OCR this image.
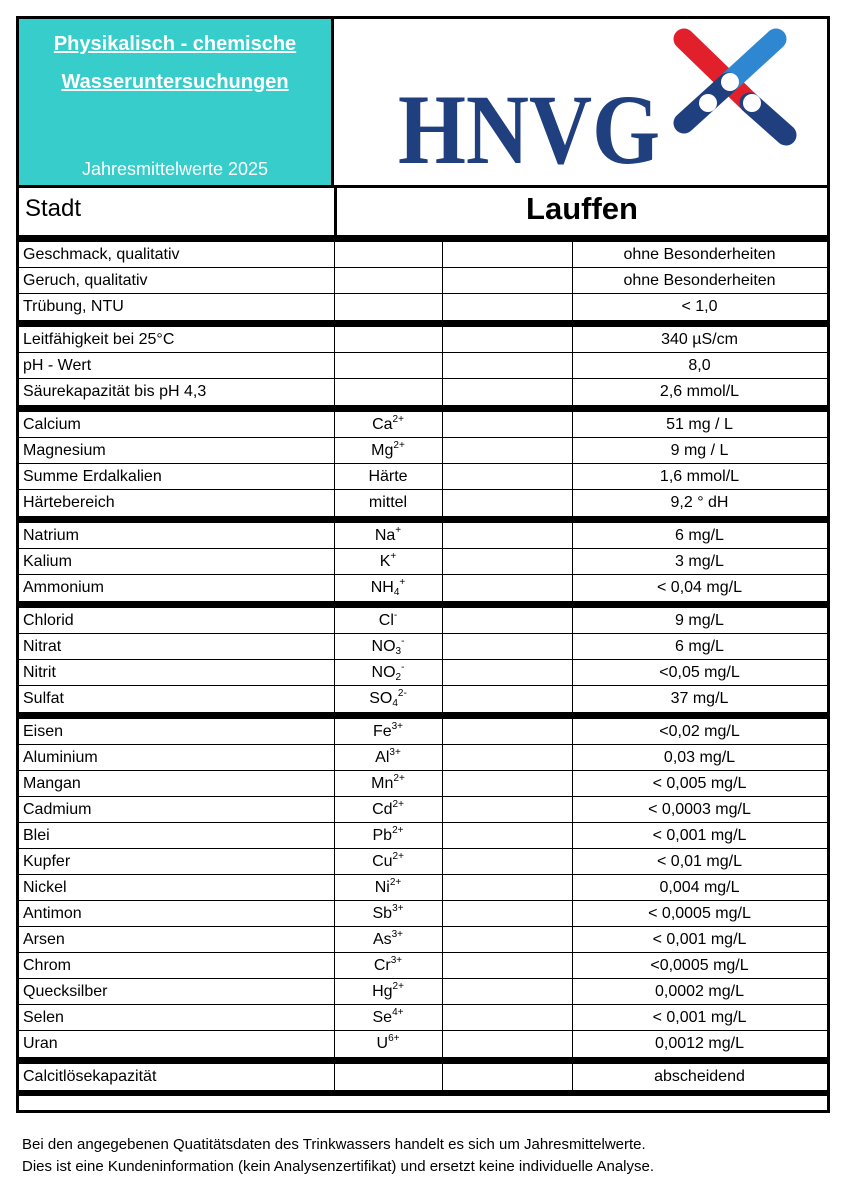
Physikalisch - chemische
Wasseruntersuchungen
Jahresmittelwerte 2025	HNVG
Stadt	Lauffen
Geschmack, qualitativ	ohne Besonderheiten
Geruch, qualitativ	ohne Besonderheiten
Trübung, NTU	< 1,0
Leitfähigkeit bei 25°C	340 µS/cm
pH - Wert	8,0
Säurekapazität bis pH 4,3	2,6 mmol/L
Calcium	$Ca^{2+}$	51 mg / L
Magnesium	$Mg^{2+}$	9 mg / L
Summe Erdalkalien	Härte	1,6 mmol/L
Härtebereich	mittel	9,2 ° dH
Natrium	Na+	6 mg/L
Kalium	K+	3 mg/L
Ammonium	$NH_4^+$	< 0,04 mg/L
Chlorid	Cl-	9 mg/L
Nitrat	$NO_3^-$	6 mg/L
Nitrit	$NO_2^-$	<0,05 mg/L
Sulfat	$SO_4^{2-}$	37 mg/L
Eisen	$Fe^{3+}$	<0,02 mg/L
Aluminium	$Al^{3+}$	0,03 mg/L
Mangan	$Mn^{2+}$	< 0,005 mg/L
Cadmium	$Cd^{2+}$	< 0,0003 mg/L
Blei	$Pb^{2+}$	< 0,001 mg/L
Kupfer	$Cu^{2+}$	< 0,01 mg/L
Nickel	$Ni^{2+}$	0,004 mg/L
Antimon	$Sb^{3+}$	< 0,0005 mg/L
Arsen	$As^{3+}$	< 0,001 mg/L
Chrom	$Cr^{3+}$	<0,0005 mg/L
Quecksilber	$Hg^{2+}$	0,0002 mg/L
Selen	$Se^{4+}$	< 0,001 mg/L
Uran	$U^{6+}$	0,0012 mg/L
Calcitlösekapazität	abscheidend
Bei den angegebenen Quatitätsdaten des Trinkwassers handelt es sich um Jahresmittelwerte.
Dies ist eine Kundeninformation (kein Analysenzertifikat) und ersetzt keine individuelle Analyse.
